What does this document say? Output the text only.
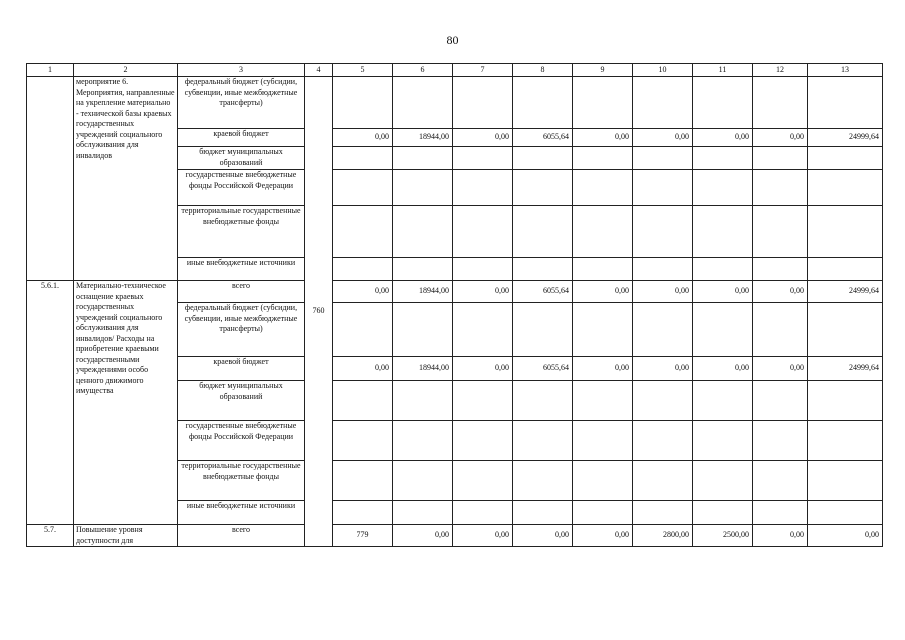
80
1	2	3	4	5	6	7	8	9	10	11	12	13	
	мероприятие 6. Мероприятия, направленные на укрепление материально - технической базы краевых государственных учреждений социального обслуживания для инвалидов	федеральный бюджет (субсидии, субвенции, иные межбюджетные трансферты)	760										
		краевой бюджет		0,00	18944,00	0,00	6055,64	0,00	0,00	0,00	0,00	24999,64	
		бюджет муниципальных образований											
		государственные внебюджетные фонды Российской Федерации											
		территориальные государственные внебюджетные фонды											
		иные внебюджетные источники											
5.6.1.	Материально-техническое оснащение краевых государственных учреждений социального обслуживания для инвалидов/ Расходы на приобретение краевыми государственными учреждениями особо ценного движимого имущества	всего		0,00	18944,00	0,00	6055,64	0,00	0,00	0,00	0,00	24999,64	
		федеральный бюджет (субсидии, субвенции, иные межбюджетные трансферты)											
		краевой бюджет		0,00	18944,00	0,00	6055,64	0,00	0,00	0,00	0,00	24999,64	
		бюджет муниципальных образований											
		государственные внебюджетные фонды Российской Федерации											
		территориальные государственные внебюджетные фонды											
		иные внебюджетные источники											
5.7.	Повышение уровня доступности для	всего		779	0,00	0,00	0,00	0,00	2800,00	2500,00	0,00	0,00	
